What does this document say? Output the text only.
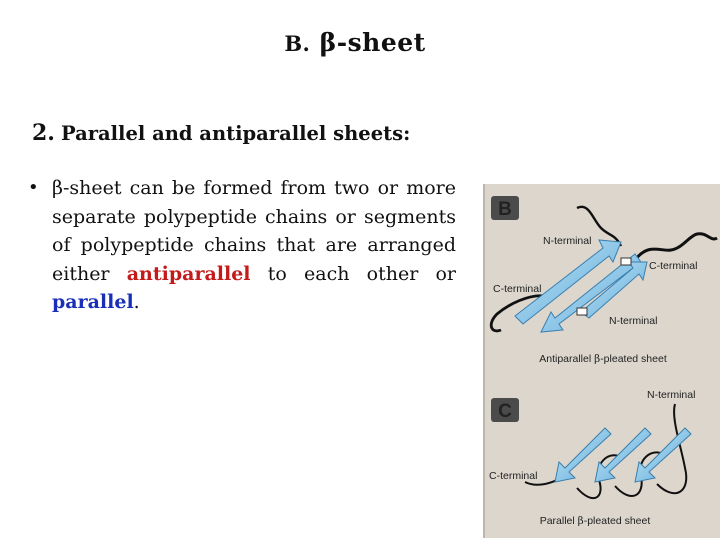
B. β-sheet
2. Parallel and antiparallel sheets:
• β-sheet can be formed from two or more separate polypeptide chains or segments of polypeptide chains that are arranged either antiparallel to each other or parallel.
B
N-terminal
C-terminal
C-terminal
N-terminal
Antiparallel β-pleated sheet
C
N-terminal
C-terminal
Parallel β-pleated sheet
